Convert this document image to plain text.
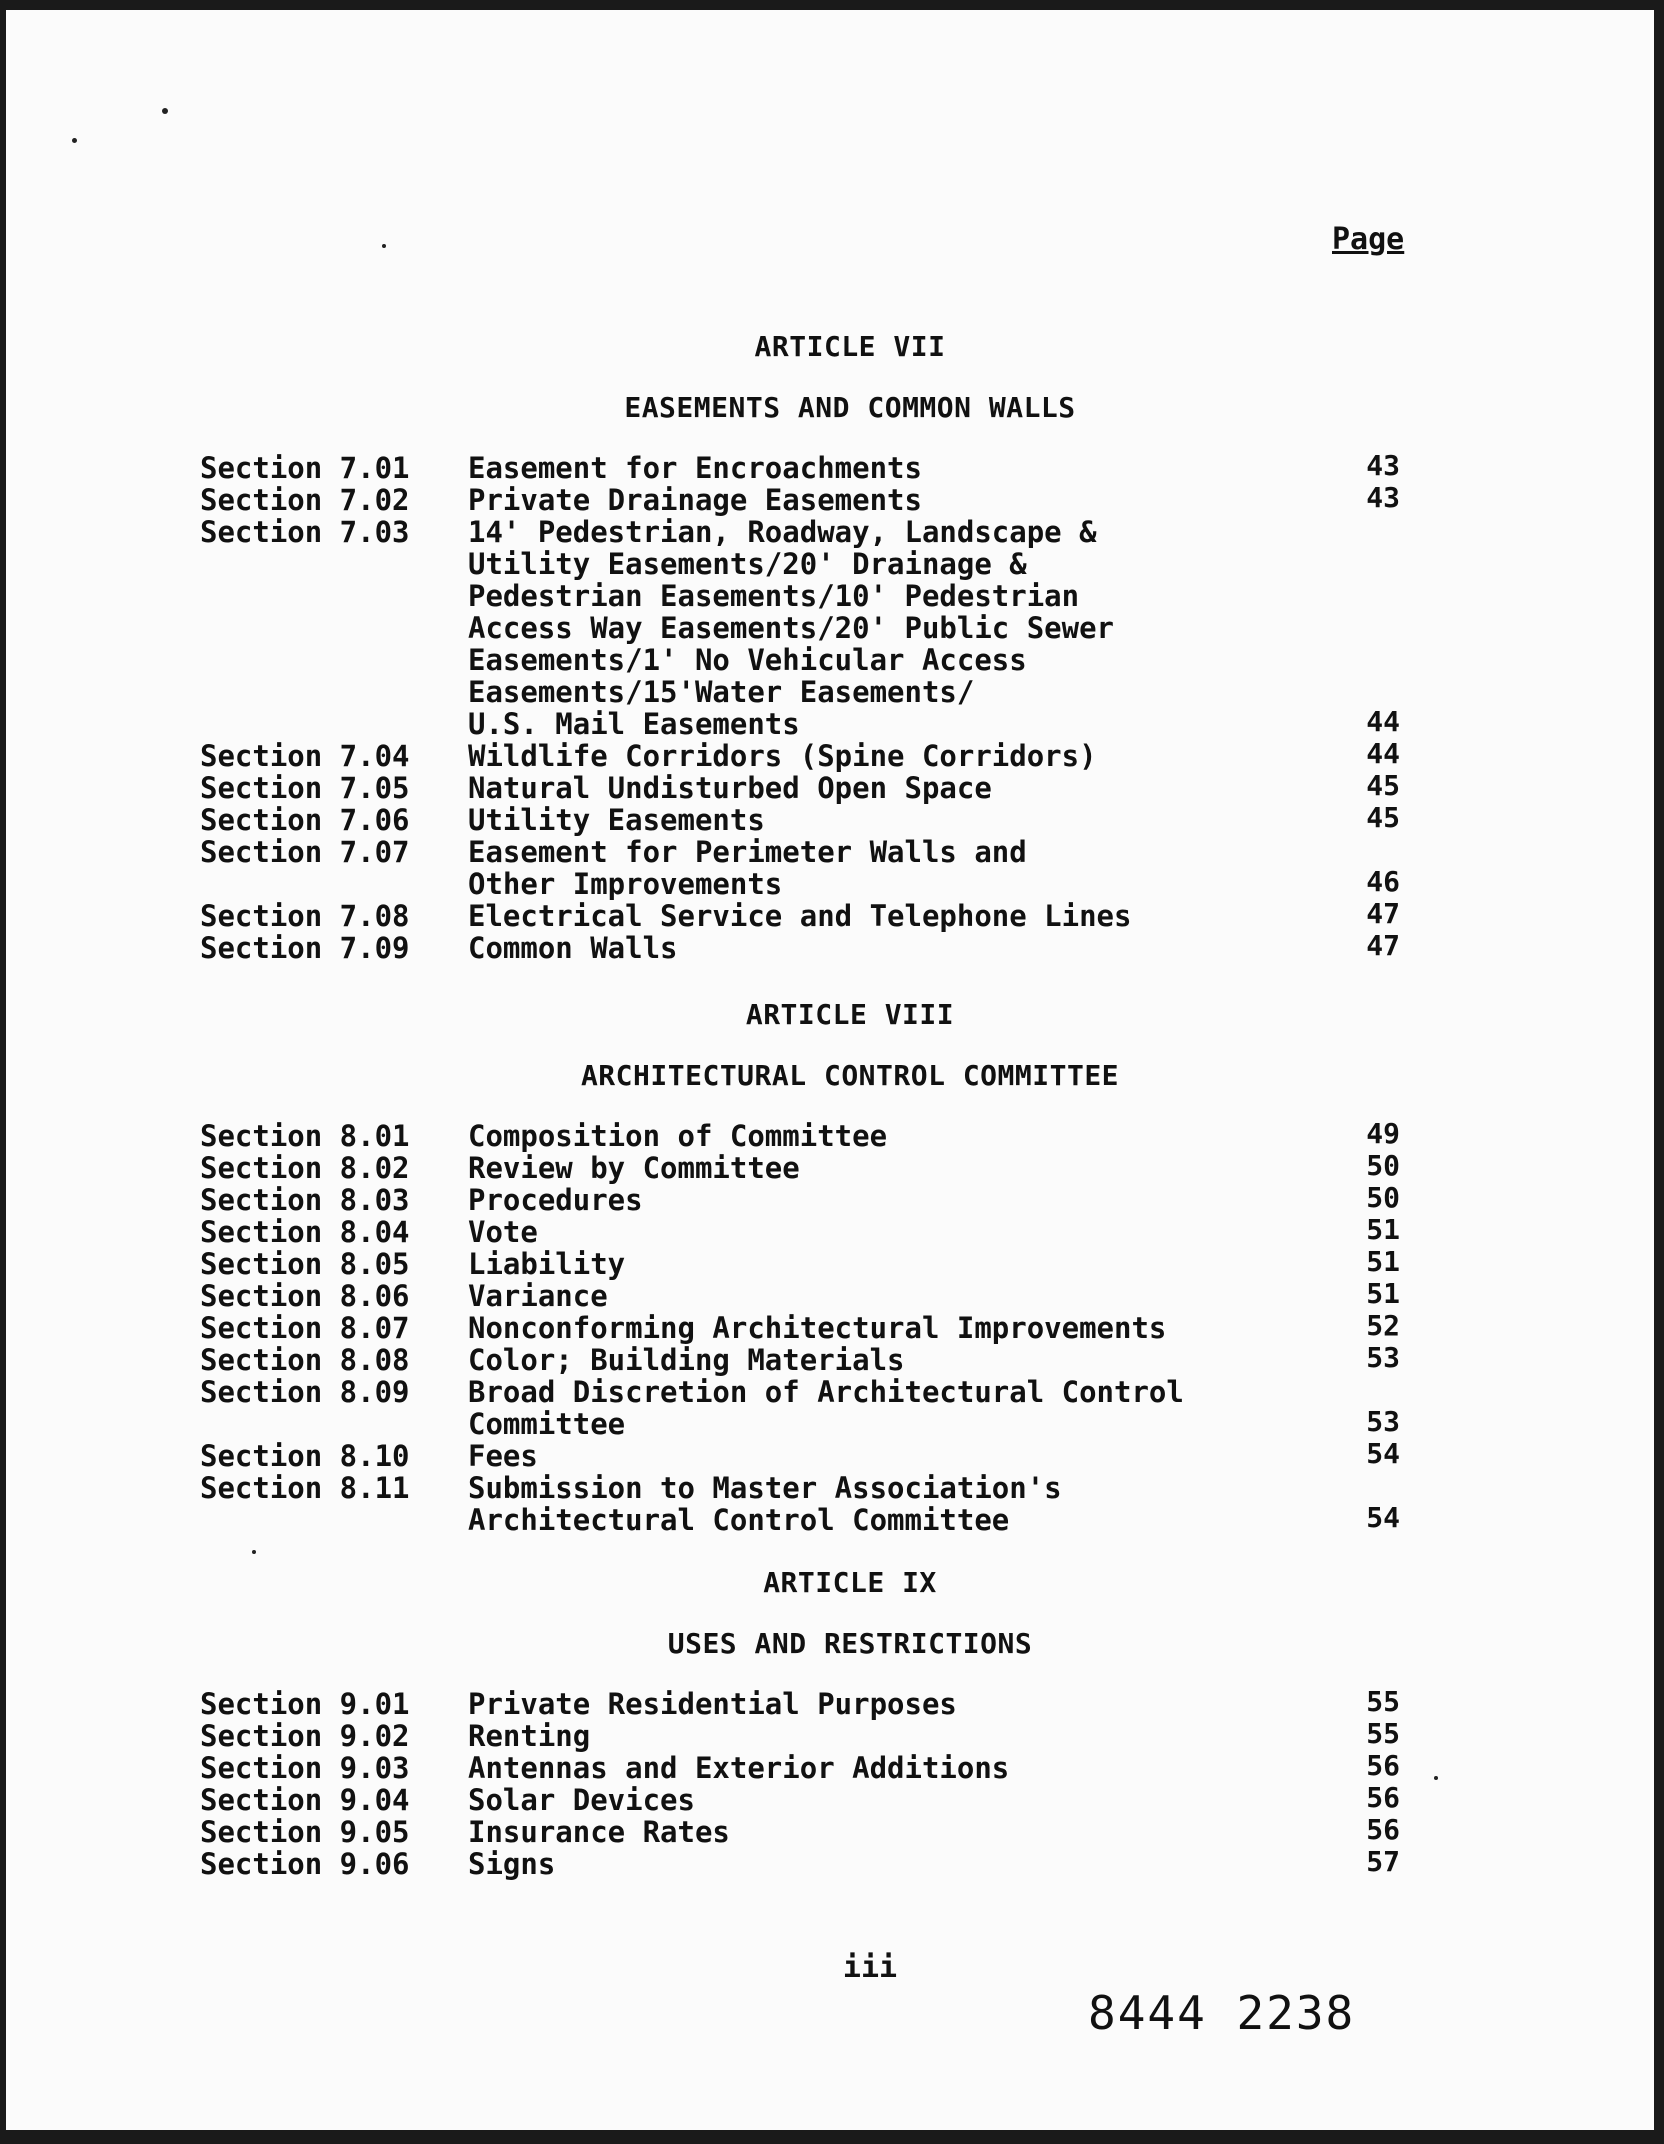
Page
ARTICLE VII
EASEMENTS AND COMMON WALLS
Section 7.01 Easement for Encroachments	43
Section 7.02 Private Drainage Easements	43
Section 7.03 14' Pedestrian, Roadway, Landscape &
Utility Easements/20' Drainage &
Pedestrian Easements/10' Pedestrian
Access Way Easements/20' Public Sewer
Easements/1' No Vehicular Access
Easements/15'Water Easements/
U.S. Mail Easements	44
Section 7.04 Wildlife Corridors (Spine Corridors)	44
Section 7.05 Natural Undisturbed Open Space	45
Section 7.06 Utility Easements	45
Section 7.07 Easement for Perimeter Walls and
Other Improvements	46
Section 7.08 Electrical Service and Telephone Lines	47
Section 7.09 Common Walls	47
ARTICLE VIII
ARCHITECTURAL CONTROL COMMITTEE
Section 8.01 Composition of Committee	49
Section 8.02 Review by Committee	50
Section 8.03 Procedures	50
Section 8.04 Vote	51
Section 8.05 Liability	51
Section 8.06 Variance	51
Section 8.07 Nonconforming Architectural Improvements	52
Section 8.08 Color; Building Materials	53
Section 8.09 Broad Discretion of Architectural Control
Committee	53
Section 8.10 Fees	54
Section 8.11 Submission to Master Association's
Architectural Control Committee	54
ARTICLE IX
USES AND RESTRICTIONS
Section 9.01 Private Residential Purposes	55
Section 9.02 Renting	55
Section 9.03 Antennas and Exterior Additions	56
Section 9.04 Solar Devices	56
Section 9.05 Insurance Rates	56
Section 9.06 Signs	57
iii
8444 2238
